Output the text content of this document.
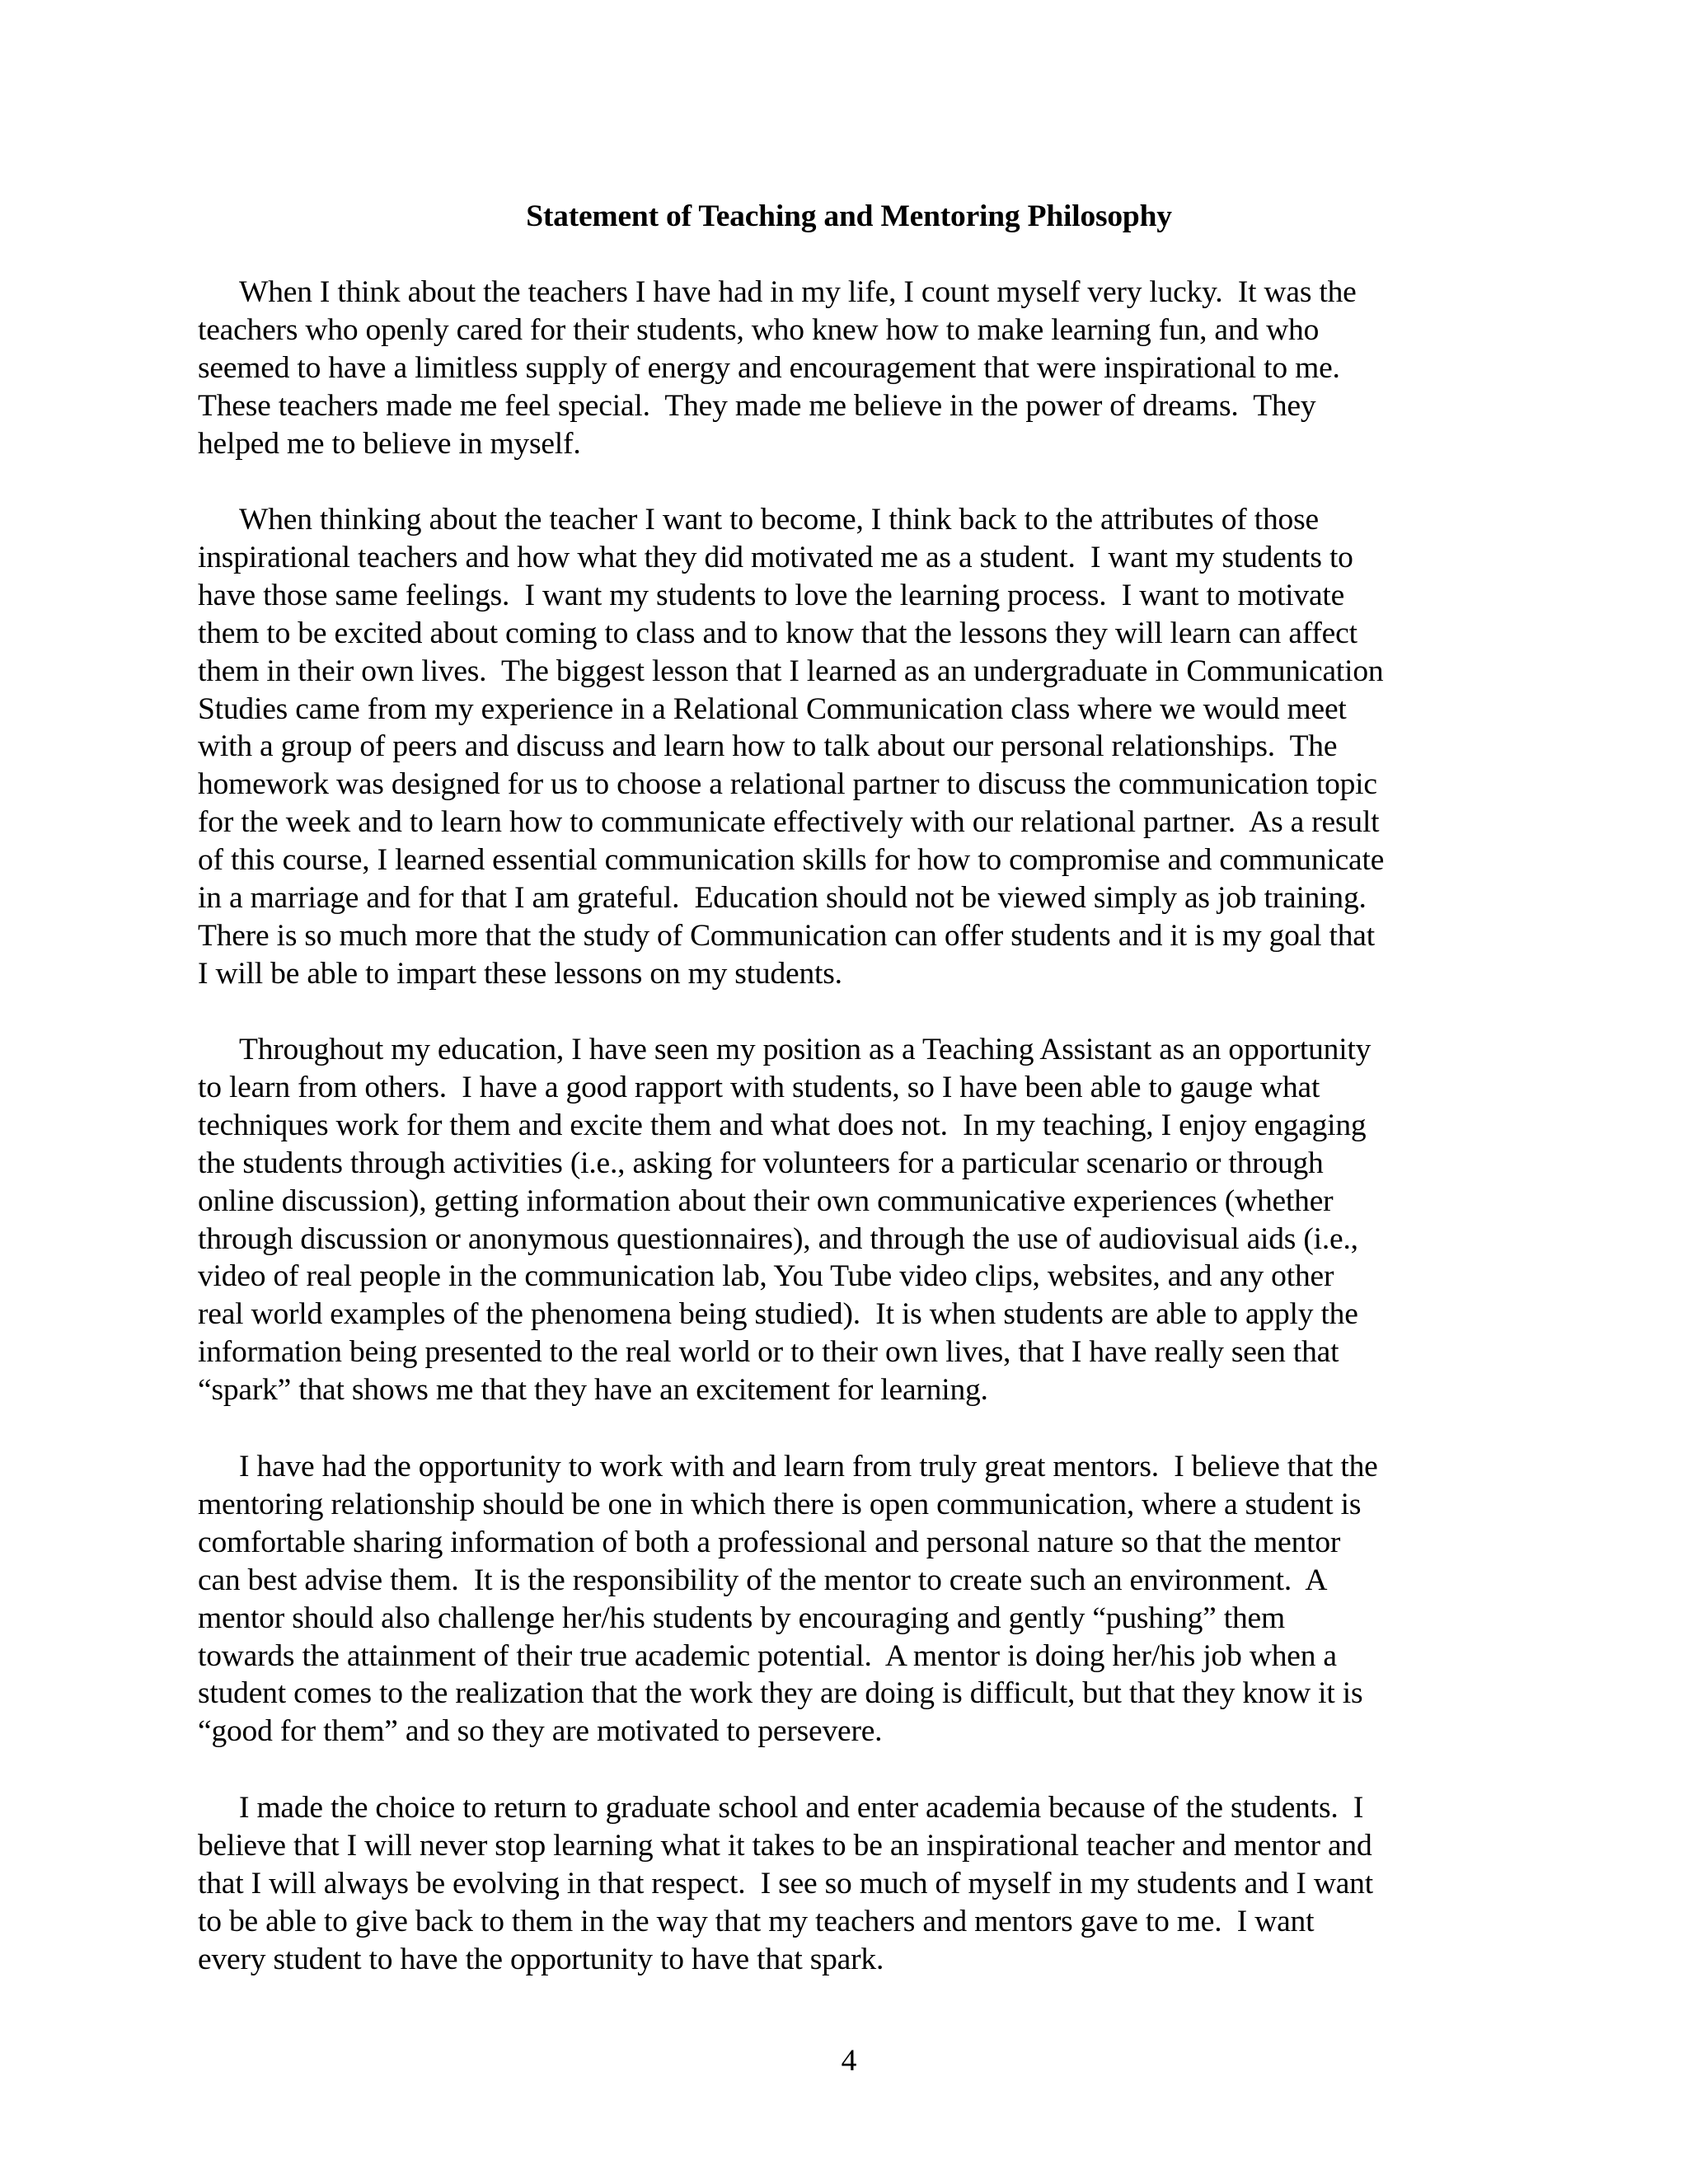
Statement of Teaching and Mentoring Philosophy

When I think about the teachers I have had in my life, I count myself very lucky.  It was the
teachers who openly cared for their students, who knew how to make learning fun, and who
seemed to have a limitless supply of energy and encouragement that were inspirational to me.
These teachers made me feel special.  They made me believe in the power of dreams.  They
helped me to believe in myself.

When thinking about the teacher I want to become, I think back to the attributes of those
inspirational teachers and how what they did motivated me as a student.  I want my students to
have those same feelings.  I want my students to love the learning process.  I want to motivate
them to be excited about coming to class and to know that the lessons they will learn can affect
them in their own lives.  The biggest lesson that I learned as an undergraduate in Communication
Studies came from my experience in a Relational Communication class where we would meet
with a group of peers and discuss and learn how to talk about our personal relationships.  The
homework was designed for us to choose a relational partner to discuss the communication topic
for the week and to learn how to communicate effectively with our relational partner.  As a result
of this course, I learned essential communication skills for how to compromise and communicate
in a marriage and for that I am grateful.  Education should not be viewed simply as job training.
There is so much more that the study of Communication can offer students and it is my goal that
I will be able to impart these lessons on my students.

Throughout my education, I have seen my position as a Teaching Assistant as an opportunity
to learn from others.  I have a good rapport with students, so I have been able to gauge what
techniques work for them and excite them and what does not.  In my teaching, I enjoy engaging
the students through activities (i.e., asking for volunteers for a particular scenario or through
online discussion), getting information about their own communicative experiences (whether
through discussion or anonymous questionnaires), and through the use of audiovisual aids (i.e.,
video of real people in the communication lab, You Tube video clips, websites, and any other
real world examples of the phenomena being studied).  It is when students are able to apply the
information being presented to the real world or to their own lives, that I have really seen that
“spark” that shows me that they have an excitement for learning.

I have had the opportunity to work with and learn from truly great mentors.  I believe that the
mentoring relationship should be one in which there is open communication, where a student is
comfortable sharing information of both a professional and personal nature so that the mentor
can best advise them.  It is the responsibility of the mentor to create such an environment.  A
mentor should also challenge her/his students by encouraging and gently “pushing” them
towards the attainment of their true academic potential.  A mentor is doing her/his job when a
student comes to the realization that the work they are doing is difficult, but that they know it is
“good for them” and so they are motivated to persevere.

I made the choice to return to graduate school and enter academia because of the students.  I
believe that I will never stop learning what it takes to be an inspirational teacher and mentor and
that I will always be evolving in that respect.  I see so much of myself in my students and I want
to be able to give back to them in the way that my teachers and mentors gave to me.  I want
every student to have the opportunity to have that spark.

4
